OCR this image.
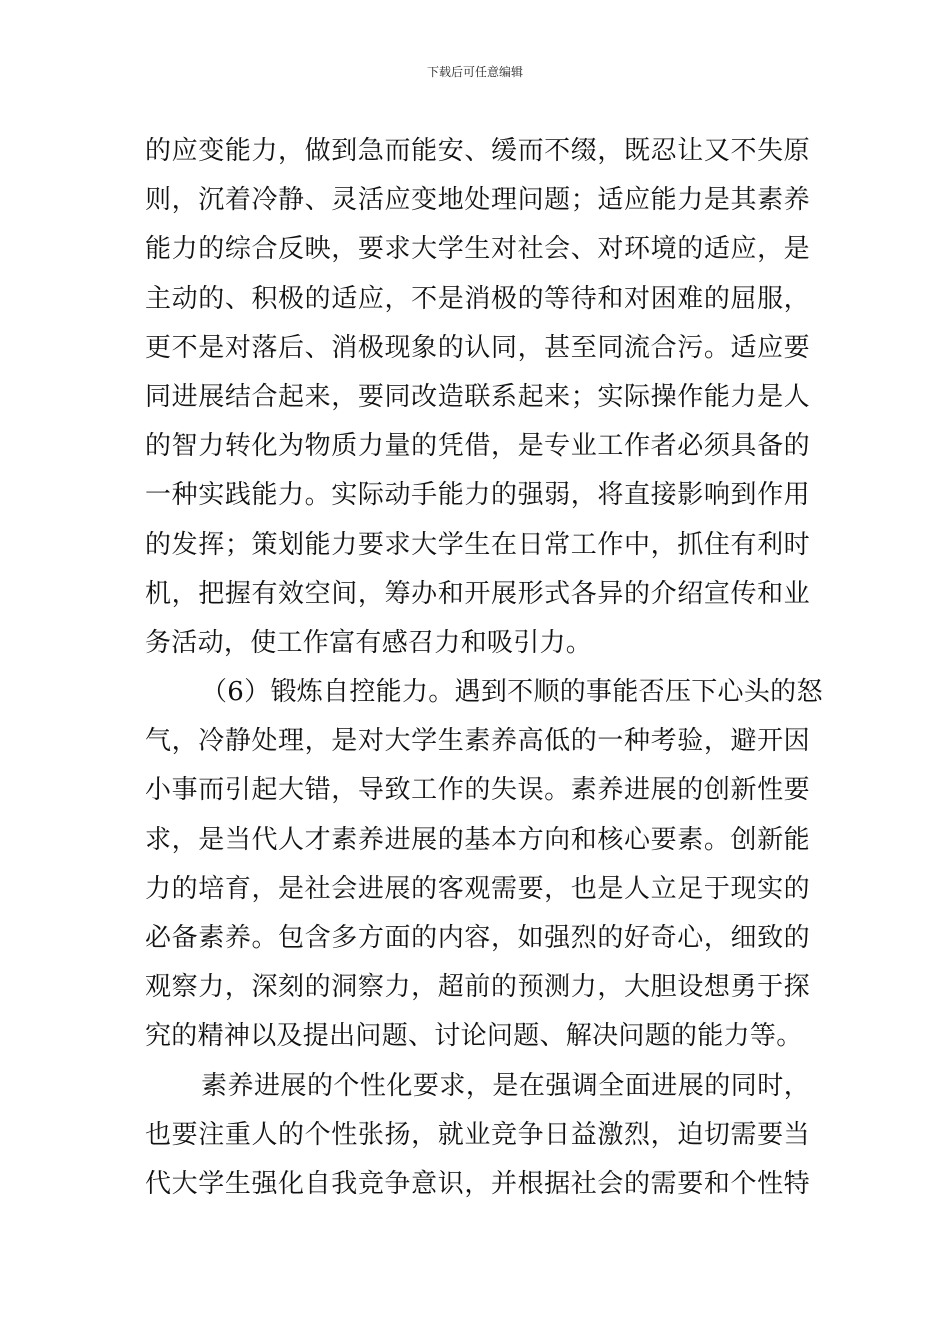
下载后可任意编辑
的应变能力，做到急而能安、缓而不缀，既忍让又不失原
则，沉着冷静、灵活应变地处理问题；适应能力是其素养
能力的综合反映，要求大学生对社会、对环境的适应，是
主动的、积极的适应，不是消极的等待和对困难的屈服，
更不是对落后、消极现象的认同，甚至同流合污。适应要
同进展结合起来，要同改造联系起来；实际操作能力是人
的智力转化为物质力量的凭借，是专业工作者必须具备的
一种实践能力。实际动手能力的强弱，将直接影响到作用
的发挥；策划能力要求大学生在日常工作中，抓住有利时
机，把握有效空间，筹办和开展形式各异的介绍宣传和业
务活动，使工作富有感召力和吸引力。
（6）锻炼自控能力。遇到不顺的事能否压下心头的怒
气，冷静处理，是对大学生素养高低的一种考验，避开因
小事而引起大错，导致工作的失误。素养进展的创新性要
求，是当代人才素养进展的基本方向和核心要素。创新能
力的培育，是社会进展的客观需要，也是人立足于现实的
必备素养。包含多方面的内容，如强烈的好奇心，细致的
观察力，深刻的洞察力，超前的预测力，大胆设想勇于探
究的精神以及提出问题、讨论问题、解决问题的能力等。
素养进展的个性化要求，是在强调全面进展的同时，
也要注重人的个性张扬，就业竞争日益激烈，迫切需要当
代大学生强化自我竞争意识，并根据社会的需要和个性特
